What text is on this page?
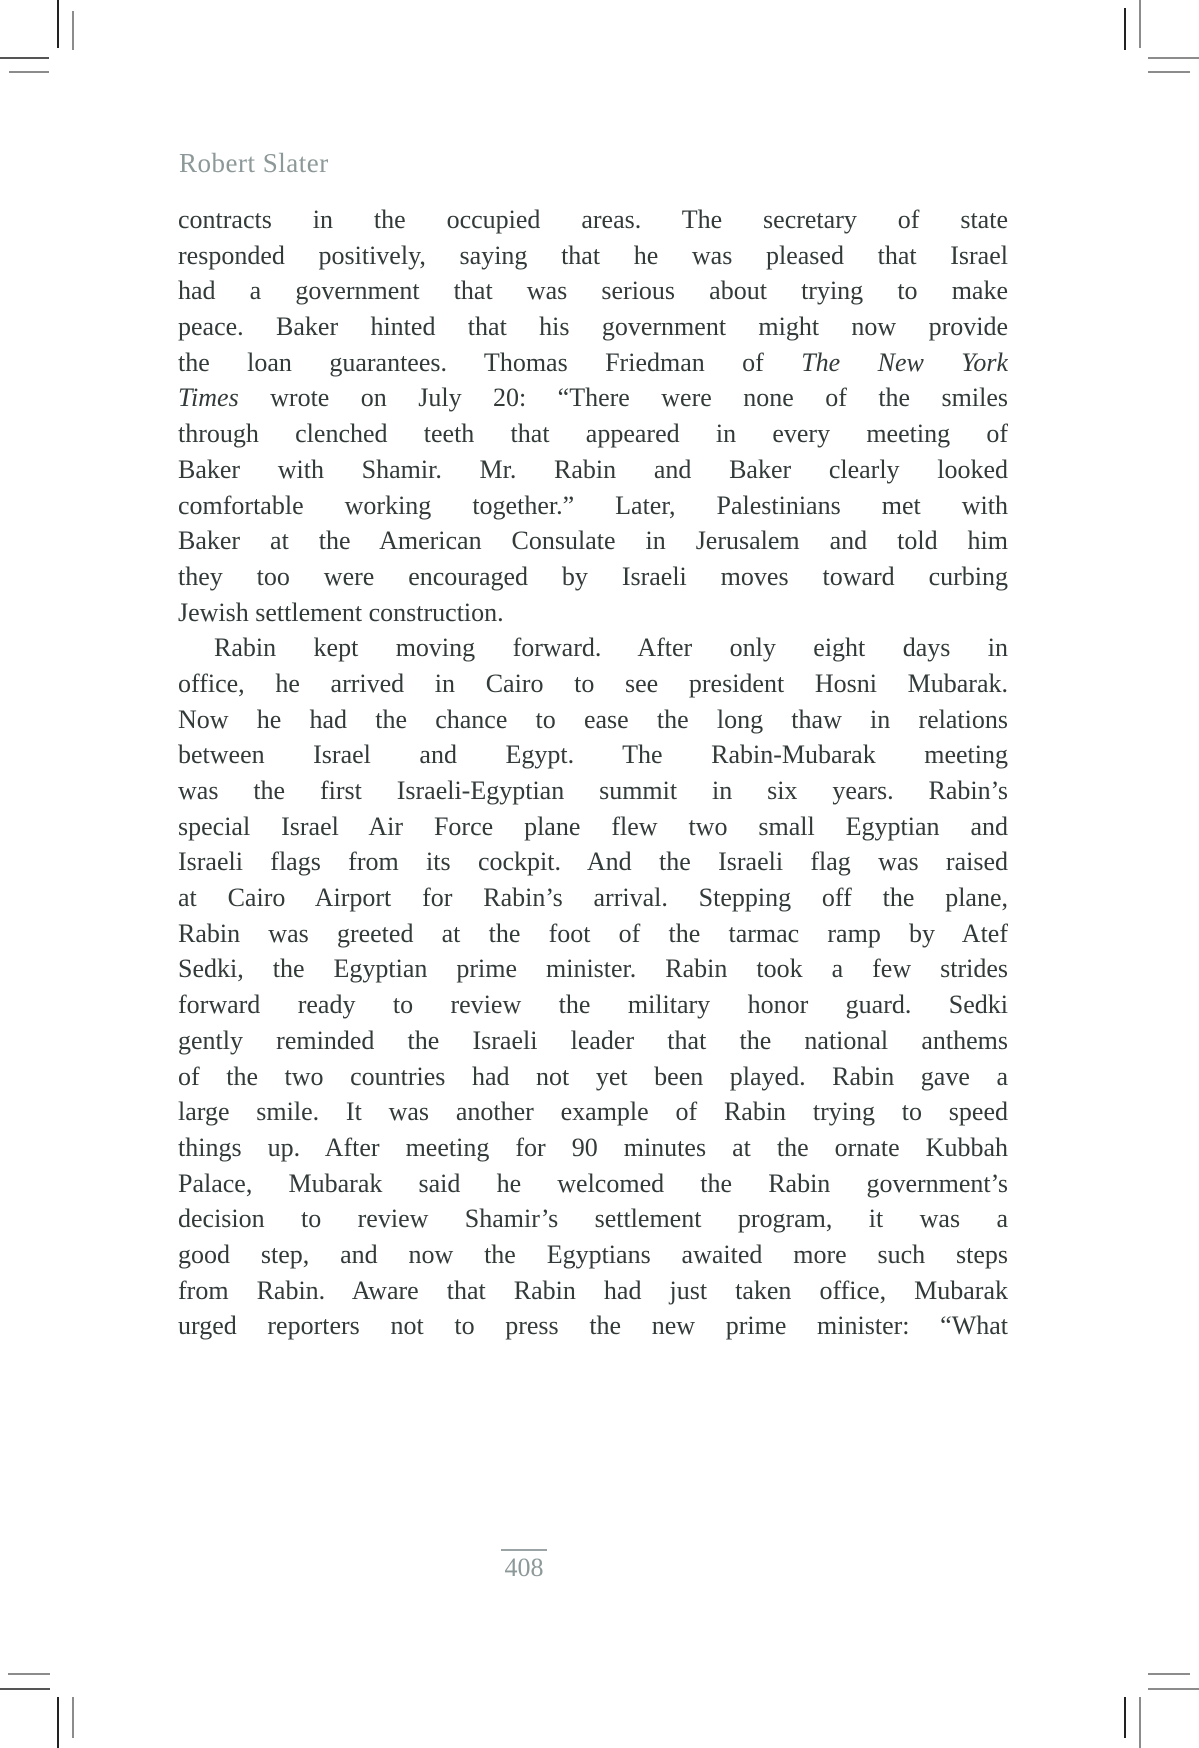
Robert Slater
contracts in the occupied areas. The secretary of state
responded positively, saying that he was pleased that Israel
had a government that was serious about trying to make
peace. Baker hinted that his government might now provide
the loan guarantees. Thomas Friedman of The New York
Times wrote on July 20: “There were none of the smiles
through clenched teeth that appeared in every meeting of
Baker with Shamir. Mr. Rabin and Baker clearly looked
comfortable working together.” Later, Palestinians met with
Baker at the American Consulate in Jerusalem and told him
they too were encouraged by Israeli moves toward curbing
Jewish settlement construction.
Rabin kept moving forward. After only eight days in
office, he arrived in Cairo to see president Hosni Mubarak.
Now he had the chance to ease the long thaw in relations
between Israel and Egypt. The Rabin-Mubarak meeting
was the first Israeli-Egyptian summit in six years. Rabin’s
special Israel Air Force plane flew two small Egyptian and
Israeli flags from its cockpit. And the Israeli flag was raised
at Cairo Airport for Rabin’s arrival. Stepping off the plane,
Rabin was greeted at the foot of the tarmac ramp by Atef
Sedki, the Egyptian prime minister. Rabin took a few strides
forward ready to review the military honor guard. Sedki
gently reminded the Israeli leader that the national anthems
of the two countries had not yet been played. Rabin gave a
large smile. It was another example of Rabin trying to speed
things up. After meeting for 90 minutes at the ornate Kubbah
Palace, Mubarak said he welcomed the Rabin government’s
decision to review Shamir’s settlement program, it was a
good step, and now the Egyptians awaited more such steps
from Rabin. Aware that Rabin had just taken office, Mubarak
urged reporters not to press the new prime minister: “What
408
